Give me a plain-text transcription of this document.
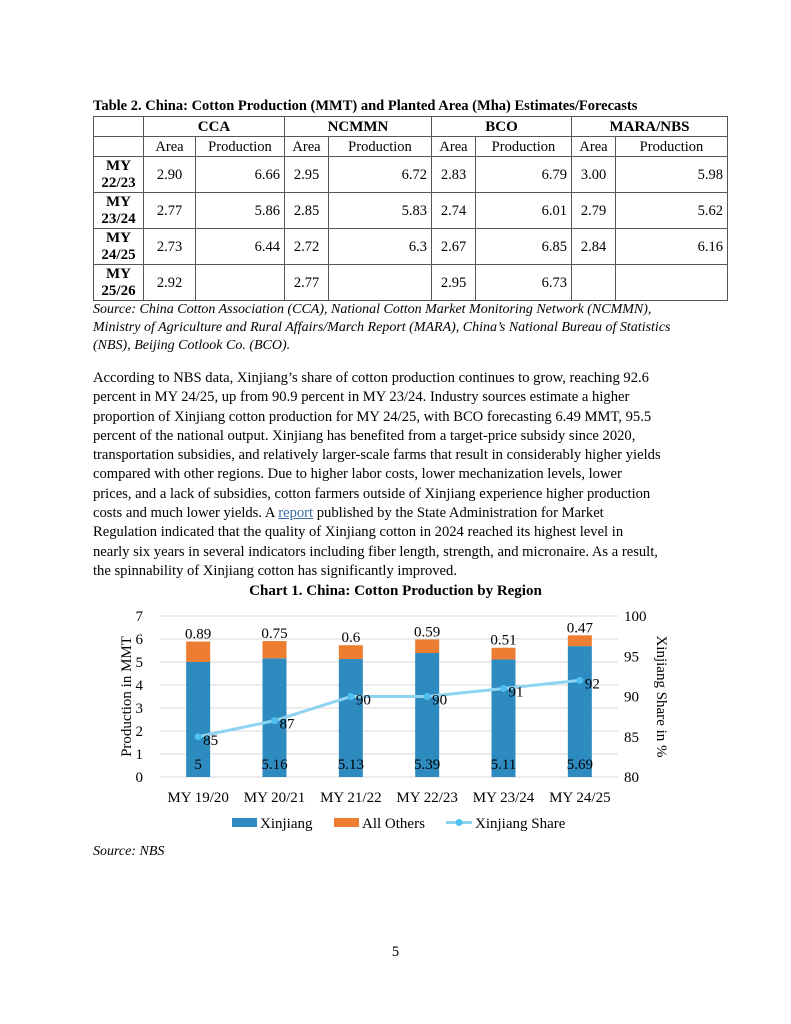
Table 2. China: Cotton Production (MMT) and Planted Area (Mha) Estimates/Forecasts
	CCA		NCMMN		BCO		MARA/NBS	
	Area	Production	Area	Production	Area	Production	Area	Production
MY 22/23	2.90	6.66	2.95	6.72	2.83	6.79	3.00	5.98
MY 23/24	2.77	5.86	2.85	5.83	2.74	6.01	2.79	5.62
MY 24/25	2.73	6.44	2.72	6.3	2.67	6.85	2.84	6.16
MY 25/26	2.92		2.77		2.95	6.73		
Source: China Cotton Association (CCA), National Cotton Market Monitoring Network (NCMMN),
Ministry of Agriculture and Rural Affairs/March Report (MARA), China’s National Bureau of Statistics
(NBS), Beijing Cotlook Co. (BCO).
According to NBS data, Xinjiang’s share of cotton production continues to grow, reaching 92.6
percent in MY 24/25, up from 90.9 percent in MY 23/24. Industry sources estimate a higher
proportion of Xinjiang cotton production for MY 24/25, with BCO forecasting 6.49 MMT, 95.5
percent of the national output. Xinjiang has benefited from a target-price subsidy since 2020,
transportation subsidies, and relatively larger-scale farms that result in considerably higher yields
compared with other regions. Due to higher labor costs, lower mechanization levels, lower
prices, and a lack of subsidies, cotton farmers outside of Xinjiang experience higher production
costs and much lower yields. A report published by the State Administration for Market
Regulation indicated that the quality of Xinjiang cotton in 2024 reached its highest level in
nearly six years in several indicators including fiber length, strength, and micronaire. As a result,
the spinnability of Xinjiang cotton has significantly improved.
Chart 1. China: Cotton Production by Region
0
1
2
3
4
5
6
7
80
85
90
95
100
5
0.89
MY 19/20
5.16
0.75
MY 20/21
5.13
0.6
MY 21/22
5.39
0.59
MY 22/23
5.11
0.51
MY 23/24
5.69
0.47
MY 24/25
85
87
90	90
91
92
Production in MMT	Xinjiang Share in %
Xinjiang	All Others	Xinjiang Share
Source: NBS
5
